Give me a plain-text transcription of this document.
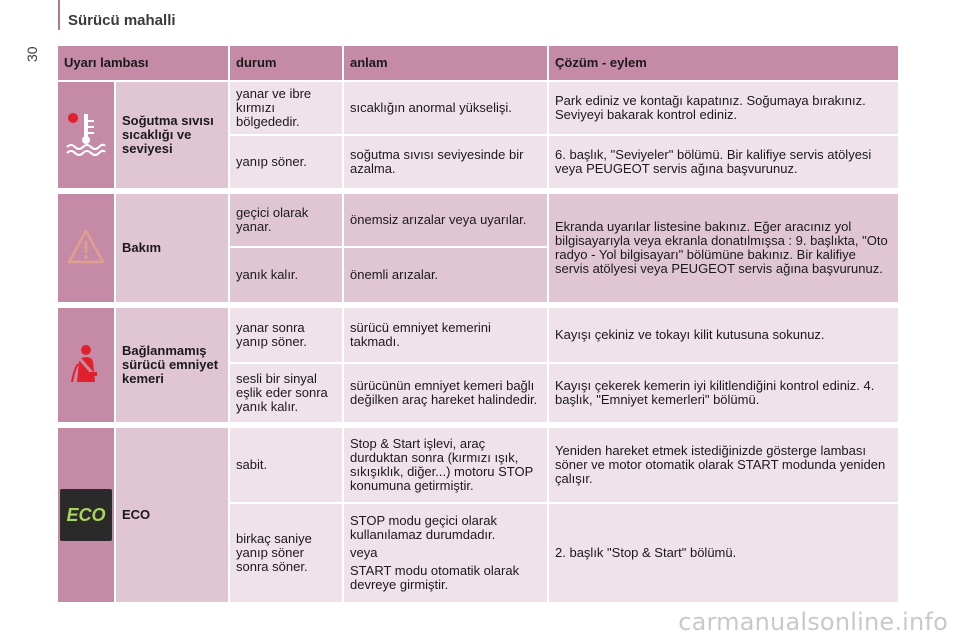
Sürücü mahalli
30
Uyarı lambası		durum	anlam	Çözüm - eylem
	Soğutma sıvısı sıcaklığı ve seviyesi	yanar ve ibre kırmızı bölgededir.	sıcaklığın anormal yükselişi.	Park ediniz ve kontağı kapatınız. Soğumaya bırakınız. Seviyeyi bakarak kontrol ediniz.
		yanıp söner.	soğutma sıvısı seviyesinde bir azalma.	6. başlık, "Seviyeler" bölümü. Bir kalifiye servis atölyesi veya PEUGEOT servis ağına başvurunuz.

	Bakım	geçici olarak yanar.	önemsiz arızalar veya uyarılar.	Ekranda uyarılar listesine bakınız. Eğer aracınız yol bilgisayarıyla veya ekranla donatılmışsa : 9. başlıkta, "Oto radyo - Yol bilgisayarı" bölümüne bakınız. Bir kalifiye servis atölyesi veya PEUGEOT servis ağına başvurunuz.
		yanık kalır.	önemli arızalar.	

	Bağlanmamış sürücü emniyet kemeri	yanar sonra yanıp söner.	sürücü emniyet kemerini takmadı.	Kayışı çekiniz ve tokayı kilit kutusuna sokunuz.
		sesli bir sinyal eşlik eder sonra yanık kalır.	sürücünün emniyet kemeri bağlı değilken araç hareket halindedir.	Kayışı çekerek kemerin iyi kilitlendiğini kontrol ediniz. 4. başlık, "Emniyet kemerleri" bölümü.

ECO	ECO	sabit.	Stop & Start işlevi, araç durduktan sonra (kırmızı ışık, sıkışıklık, diğer...) motoru STOP konumuna getirmiştir.	Yeniden hareket etmek istediğinizde gösterge lambası söner ve motor otomatik olarak START modunda yeniden çalışır.
		birkaç saniye yanıp söner sonra söner.	STOP modu geçici olarak kullanılamaz durumdadır.
veya
START modu otomatik olarak devreye girmiştir.	2. başlık "Stop & Start" bölümü.
carmanualsonline.info
